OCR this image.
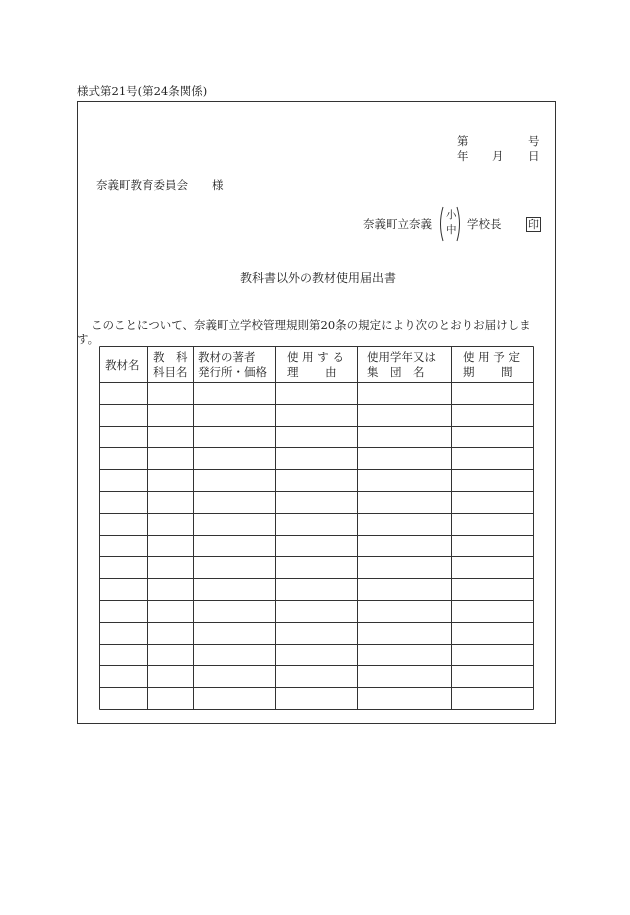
様式第21号(第24条関係)
第	号
年 月 日
奈義町教育委員会 様
奈義町立奈義
小
中 学校長 印
教科書以外の教材使用届出書
このことについて、奈義町立学校管理規則第20条の規定により次のとおりお届けしま
す。
教材名
教　科
科目名
教材の著者
発行所・価格
使 用 す る
理　　 由
使用学年又は
集　団　名
使 用 予 定
期　　 間
